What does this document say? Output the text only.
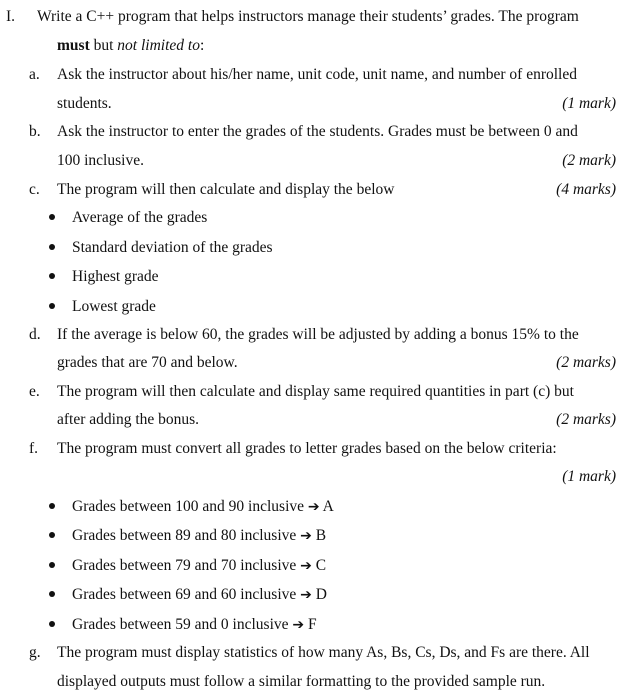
I. Write a C++ program that helps instructors manage their students’ grades. The program
must but not limited to:
a. Ask the instructor about his/her name, unit code, unit name, and number of enrolled
students.	(1 mark)
b. Ask the instructor to enter the grades of the students. Grades must be between 0 and
100 inclusive.	(2 mark)
c. The program will then calculate and display the below	(4 marks)
Average of the grades
Standard deviation of the grades
Highest grade
Lowest grade
d. If the average is below 60, the grades will be adjusted by adding a bonus 15% to the
grades that are 70 and below.	(2 marks)
e. The program will then calculate and display same required quantities in part (c) but
after adding the bonus.	(2 marks)
f. The program must convert all grades to letter grades based on the below criteria:
(1 mark)
Grades between 100 and 90 inclusive ➔ A
Grades between 89 and 80 inclusive ➔ B
Grades between 79 and 70 inclusive ➔ C
Grades between 69 and 60 inclusive ➔ D
Grades between 59 and 0 inclusive ➔ F
g. The program must display statistics of how many As, Bs, Cs, Ds, and Fs are there. All
displayed outputs must follow a similar formatting to the provided sample run.
